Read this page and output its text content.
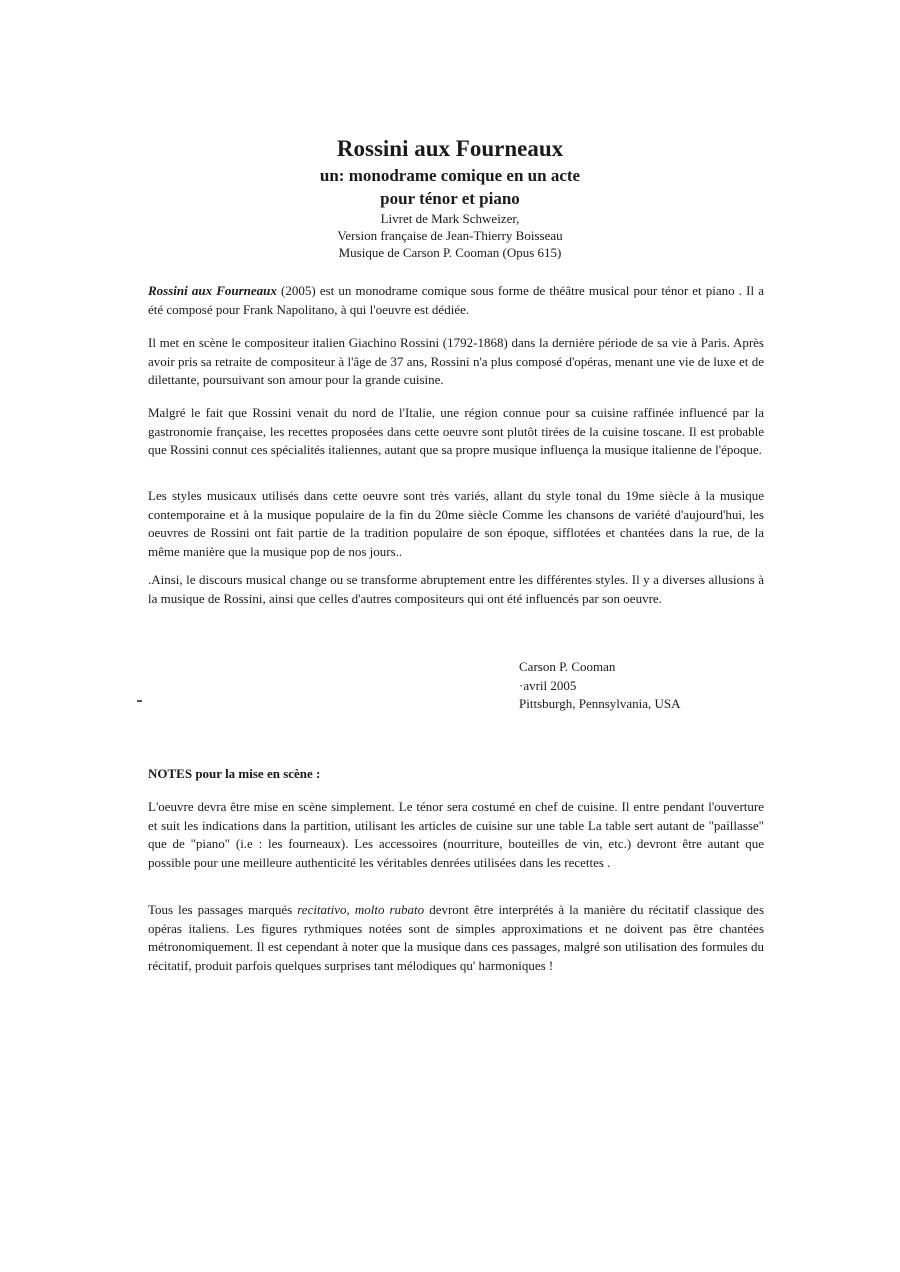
Rossini aux Fourneaux

un: monodrame comique en un acte

pour ténor et piano

Livret de Mark Schweizer,

Version française de Jean-Thierry Boisseau

Musique de Carson P. Cooman (Opus 615)

Rossini aux Fourneaux (2005) est un monodrame comique sous forme de théâtre musical pour ténor et piano . Il a été composé pour Frank Napolitano, à qui l'oeuvre est dédiée.

Il met en scène le compositeur italien Giachino Rossini (1792-1868) dans la dernière période de sa vie à Paris. Après avoir pris sa retraite de compositeur à l'âge de 37 ans, Rossini n'a plus composé d'opéras, menant une vie de luxe et de dilettante, poursuivant son amour pour la grande cuisine.

Malgré le fait que Rossini venait du nord de l'Italie, une région connue pour sa cuisine raffinée influencé par la gastronomie française, les recettes proposées dans cette oeuvre sont plutôt tirées de la cuisine toscane. Il est probable que Rossini connut ces spécialités italiennes, autant que sa propre musique influença la musique italienne de l'époque.

Les styles musicaux utilisés dans cette oeuvre sont très variés, allant du style tonal du 19me siècle à la musique contemporaine et à la musique populaire de la fin du 20me siècle Comme les chansons de variété d'aujourd'hui, les oeuvres de Rossini ont fait partie de la tradition populaire de son époque, sifflotées et chantées dans la rue, de la même manière que la musique pop de nos jours..

.Ainsi, le discours musical change ou se transforme abruptement entre les différentes styles. Il y a diverses allusions à la musique de Rossini, ainsi que celles d'autres compositeurs qui ont été influencés par son oeuvre.

Carson P. Cooman
·avril 2005
Pittsburgh, Pennsylvania, USA

NOTES pour la mise en scène :

L'oeuvre devra être mise en scène simplement. Le ténor sera costumé en chef de cuisine. Il entre pendant l'ouverture et suit les indications dans la partition, utilisant les articles de cuisine sur une table La table sert autant de "paillasse" que de "piano" (i.e : les fourneaux). Les accessoires (nourriture, bouteilles de vin, etc.) devront être autant que possible pour une meilleure authenticité les véritables denrées utilisées dans les recettes .

Tous les passages marqués recitativo, molto rubato devront être interprétés à la manière du récitatif classique des opéras italiens. Les figures rythmiques notées sont de simples approximations et ne doivent pas être chantées métronomiquement. Il est cependant à noter que la musique dans ces passages, malgré son utilisation des formules du récitatif, produit parfois quelques surprises tant mélodiques qu' harmoniques !
